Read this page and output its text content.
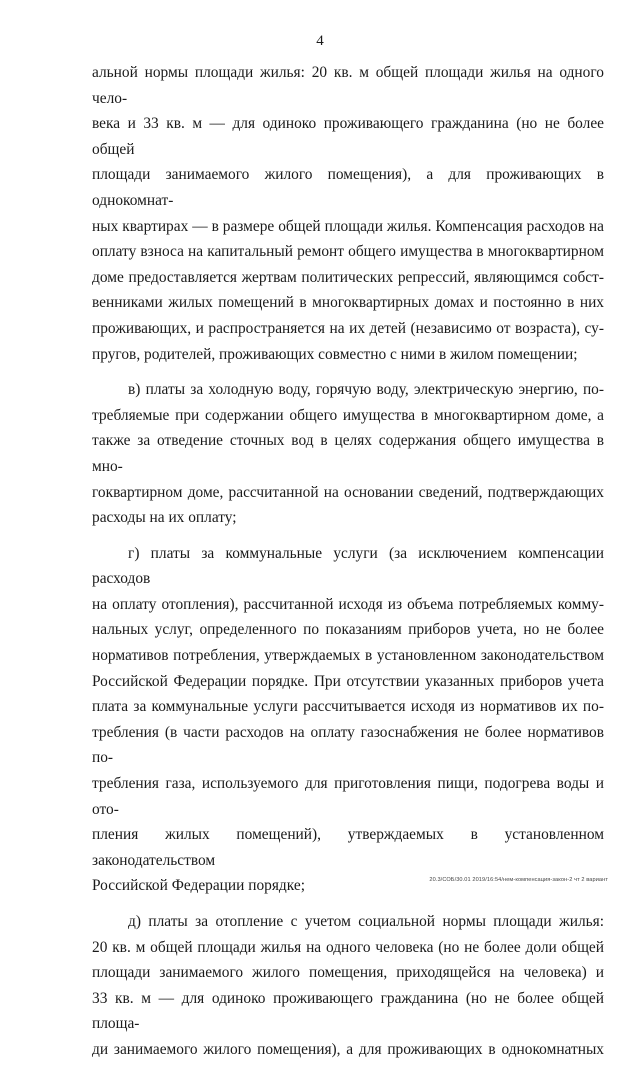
4

альной нормы площади жилья: 20 кв. м общей площади жилья на одного чело-
века и 33 кв. м — для одиноко проживающего гражданина (но не более общей
площади занимаемого жилого помещения), а для проживающих в однокомнат-
ных квартирах — в размере общей площади жилья. Компенсация расходов на
оплату взноса на капитальный ремонт общего имущества в многоквартирном
доме предоставляется жертвам политических репрессий, являющимся собст-
венниками жилых помещений в многоквартирных домах и постоянно в них
проживающих, и распространяется на их детей (независимо от возраста), су-
пругов, родителей, проживающих совместно с ними в жилом помещении;

в) платы за холодную воду, горячую воду, электрическую энергию, по-
требляемые при содержании общего имущества в многоквартирном доме, а
также за отведение сточных вод в целях содержания общего имущества в мно-
гоквартирном доме, рассчитанной на основании сведений, подтверждающих
расходы на их оплату;

г) платы за коммунальные услуги (за исключением компенсации расходов
на оплату отопления), рассчитанной исходя из объема потребляемых комму-
нальных услуг, определенного по показаниям приборов учета, но не более
нормативов потребления, утверждаемых в установленном законодательством
Российской Федерации порядке. При отсутствии указанных приборов учета
плата за коммунальные услуги рассчитывается исходя из нормативов их по-
требления (в части расходов на оплату газоснабжения не более нормативов по-
требления газа, используемого для приготовления пищи, подогрева воды и ото-
пления жилых помещений), утверждаемых в установленном законодательством
Российской Федерации порядке;

д) платы за отопление с учетом социальной нормы площади жилья:
20 кв. м общей площади жилья на одного человека (но не более доли общей
площади занимаемого жилого помещения, приходящейся на человека) и
33 кв. м — для одиноко проживающего гражданина (но не более общей площа-
ди занимаемого жилого помещения), а для проживающих в однокомнатных

20.3/СОБ/30.01 2019/16:54/нем-компенсация-закон-2 чт 2 вариант
